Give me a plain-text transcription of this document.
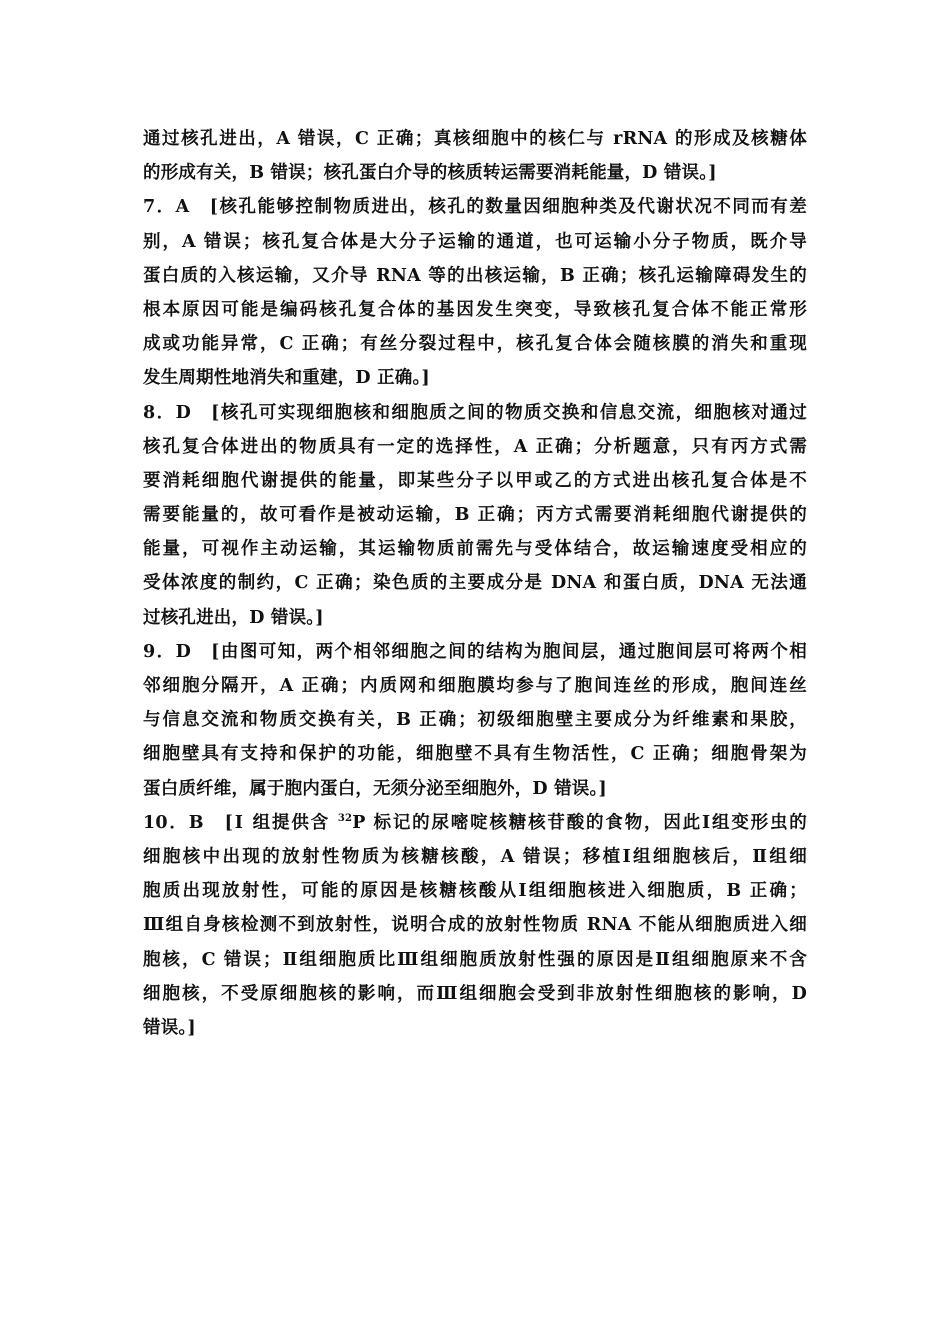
通过核孔进出，A 错误，C 正确；真核细胞中的核仁与 rRNA 的形成及核糖体
的形成有关，B 错误；核孔蛋白介导的核质转运需要消耗能量，D 错误。]
7．A　[核孔能够控制物质进出，核孔的数量因细胞种类及代谢状况不同而有差
别，A 错误；核孔复合体是大分子运输的通道，也可运输小分子物质，既介导
蛋白质的入核运输，又介导 RNA 等的出核运输，B 正确；核孔运输障碍发生的
根本原因可能是编码核孔复合体的基因发生突变，导致核孔复合体不能正常形
成或功能异常，C 正确；有丝分裂过程中，核孔复合体会随核膜的消失和重现
发生周期性地消失和重建，D 正确。]
8．D　[核孔可实现细胞核和细胞质之间的物质交换和信息交流，细胞核对通过
核孔复合体进出的物质具有一定的选择性，A 正确；分析题意，只有丙方式需
要消耗细胞代谢提供的能量，即某些分子以甲或乙的方式进出核孔复合体是不
需要能量的，故可看作是被动运输，B 正确；丙方式需要消耗细胞代谢提供的
能量，可视作主动运输，其运输物质前需先与受体结合，故运输速度受相应的
受体浓度的制约，C 正确；染色质的主要成分是 DNA 和蛋白质，DNA 无法通
过核孔进出，D 错误。]
9．D　[由图可知，两个相邻细胞之间的结构为胞间层，通过胞间层可将两个相
邻细胞分隔开，A 正确；内质网和细胞膜均参与了胞间连丝的形成，胞间连丝
与信息交流和物质交换有关，B 正确；初级细胞壁主要成分为纤维素和果胶，
细胞壁具有支持和保护的功能，细胞壁不具有生物活性，C 正确；细胞骨架为
蛋白质纤维，属于胞内蛋白，无须分泌至细胞外，D 错误。]
10．B　[Ⅰ 组提供含 $^{32}$P 标记的尿嘧啶核糖核苷酸的食物，因此Ⅰ组变形虫的
细胞核中出现的放射性物质为核糖核酸，A 错误；移植Ⅰ组细胞核后，Ⅱ组细
胞质出现放射性，可能的原因是核糖核酸从Ⅰ组细胞核进入细胞质，B 正确；
Ⅲ组自身核检测不到放射性，说明合成的放射性物质 RNA 不能从细胞质进入细
胞核，C 错误；Ⅱ组细胞质比Ⅲ组细胞质放射性强的原因是Ⅱ组细胞原来不含
细胞核，不受原细胞核的影响，而Ⅲ组细胞会受到非放射性细胞核的影响，D
错误。]
